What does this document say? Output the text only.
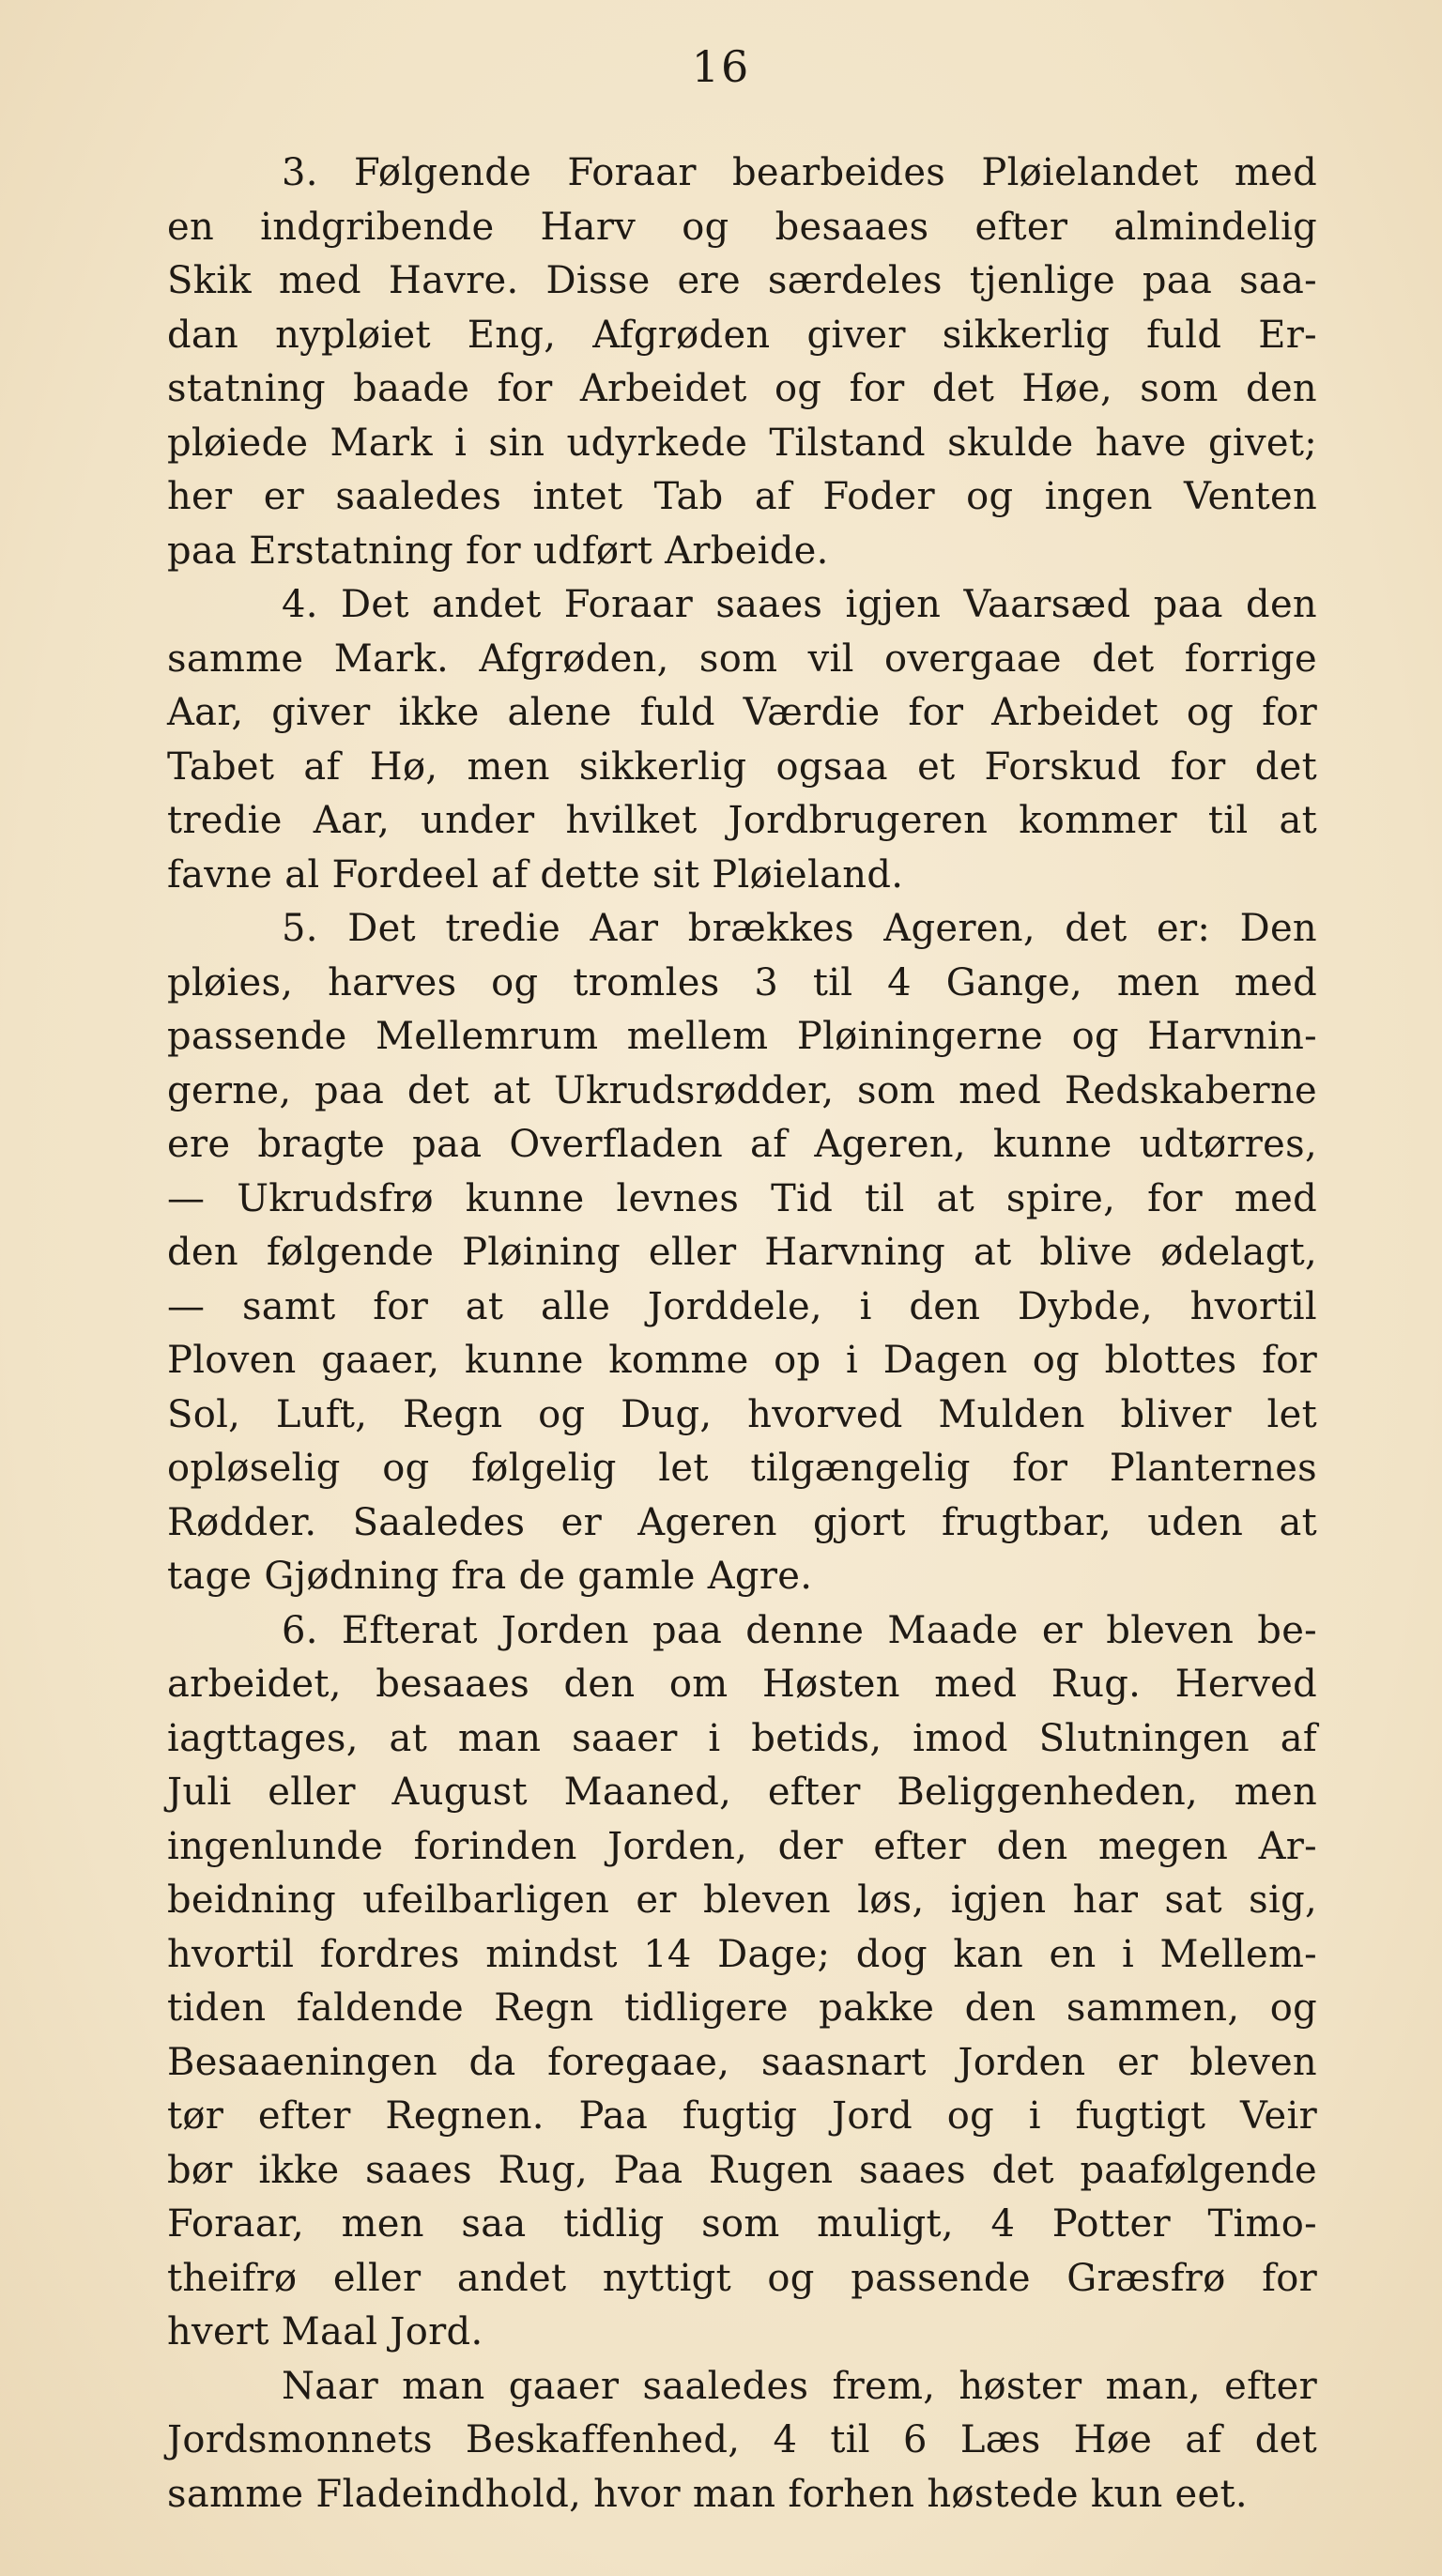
16
3. Følgende Foraar bearbeides Pløielandet med
en indgribende Harv og besaaes efter almindelig
Skik med Havre. Disse ere særdeles tjenlige paa saa-
dan nypløiet Eng, Afgrøden giver sikkerlig fuld Er-
statning baade for Arbeidet og for det Høe, som den
pløiede Mark i sin udyrkede Tilstand skulde have givet;
her er saaledes intet Tab af Foder og ingen Venten
paa Erstatning for udført Arbeide.
4. Det andet Foraar saaes igjen Vaarsæd paa den
samme Mark. Afgrøden, som vil overgaae det forrige
Aar, giver ikke alene fuld Værdie for Arbeidet og for
Tabet af Hø, men sikkerlig ogsaa et Forskud for det
tredie Aar, under hvilket Jordbrugeren kommer til at
favne al Fordeel af dette sit Pløieland.
5. Det tredie Aar brækkes Ageren, det er: Den
pløies, harves og tromles 3 til 4 Gange, men med
passende Mellemrum mellem Pløiningerne og Harvnin-
gerne, paa det at Ukrudsrødder, som med Redskaberne
ere bragte paa Overfladen af Ageren, kunne udtørres,
— Ukrudsfrø kunne levnes Tid til at spire, for med
den følgende Pløining eller Harvning at blive ødelagt,
— samt for at alle Jorddele, i den Dybde, hvortil
Ploven gaaer, kunne komme op i Dagen og blottes for
Sol, Luft, Regn og Dug, hvorved Mulden bliver let
opløselig og følgelig let tilgængelig for Planternes
Rødder. Saaledes er Ageren gjort frugtbar, uden at
tage Gjødning fra de gamle Agre.
6. Efterat Jorden paa denne Maade er bleven be-
arbeidet, besaaes den om Høsten med Rug. Herved
iagttages, at man saaer i betids, imod Slutningen af
Juli eller August Maaned, efter Beliggenheden, men
ingenlunde forinden Jorden, der efter den megen Ar-
beidning ufeilbarligen er bleven løs, igjen har sat sig,
hvortil fordres mindst 14 Dage; dog kan en i Mellem-
tiden faldende Regn tidligere pakke den sammen, og
Besaaeningen da foregaae, saasnart Jorden er bleven
tør efter Regnen. Paa fugtig Jord og i fugtigt Veir
bør ikke saaes Rug, Paa Rugen saaes det paafølgende
Foraar, men saa tidlig som muligt, 4 Potter Timo-
theifrø eller andet nyttigt og passende Græsfrø for
hvert Maal Jord.
Naar man gaaer saaledes frem, høster man, efter
Jordsmonnets Beskaffenhed, 4 til 6 Læs Høe af det
samme Fladeindhold, hvor man forhen høstede kun eet.
